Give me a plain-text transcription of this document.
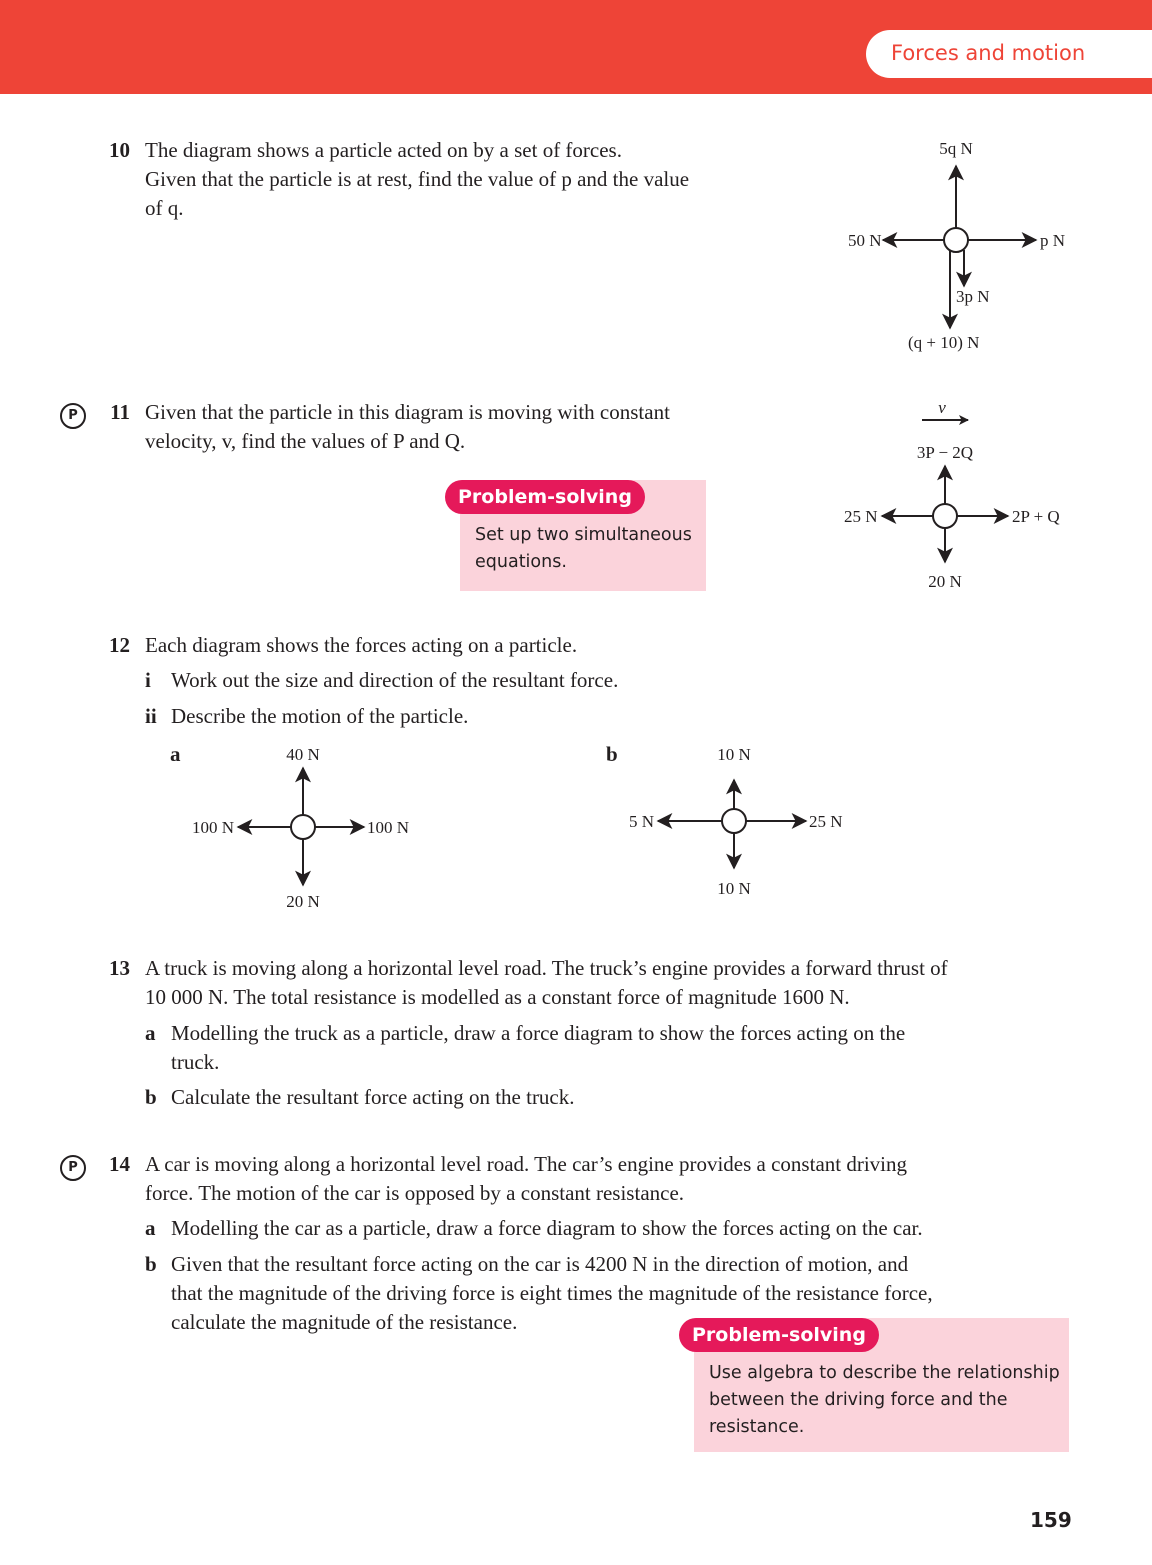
Forces and motion
10 The diagram shows a particle acted on by a set of forces.
Given that the particle is at rest, find the value of p and the value
of q.
5q N
50 N	p N
3p N
(q + 10) N
P	11 Given that the particle in this diagram is moving with constant
velocity, v, find the values of P and Q.
Problem-solving
Set up two simultaneous
equations.
v
3P − 2Q
25 N	2P + Q
20 N
12 Each diagram shows the forces acting on a particle.
i Work out the size and direction of the resultant force.
ii Describe the motion of the particle.
a	40 N
100 N	100 N
20 N
b	10 N
5 N	25 N
10 N
13 A truck is moving along a horizontal level road. The truck’s engine provides a forward thrust of
10 000 N. The total resistance is modelled as a constant force of magnitude 1600 N.
a Modelling the truck as a particle, draw a force diagram to show the forces acting on the
truck.
b Calculate the resultant force acting on the truck.
P	14 A car is moving along a horizontal level road. The car’s engine provides a constant driving
force. The motion of the car is opposed by a constant resistance.
a Modelling the car as a particle, draw a force diagram to show the forces acting on the car.
b Given that the resultant force acting on the car is 4200 N in the direction of motion, and
that the magnitude of the driving force is eight times the magnitude of the resistance force,
calculate the magnitude of the resistance.
Problem-solving
Use algebra to describe the relationship
between the driving force and the
resistance.
159
